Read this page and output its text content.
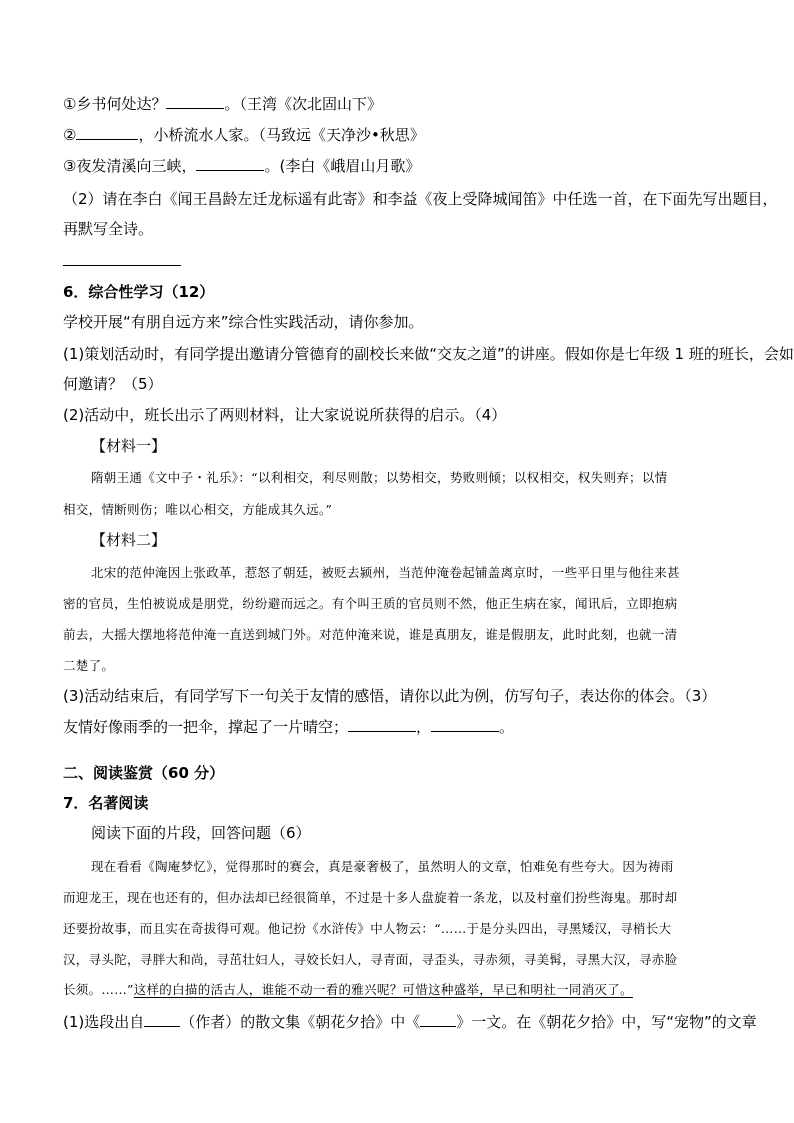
①乡书何处达？	。（王湾《次北固山下》
②	，小桥流水人家。（马致远《天净沙•秋思》
③夜发清溪向三峡，	。(李白《峨眉山月歌》
（2）请在李白《闻王昌龄左迁龙标遥有此寄》和李益《夜上受降城闻笛》中任选一首，在下面先写出题目，
再默写全诗。
6．综合性学习（12）
学校开展“有朋自远方来”综合性实践活动，请你参加。
(1)策划活动时，有同学提出邀请分管德育的副校长来做“交友之道”的讲座。假如你是七年级 1 班的班长，会如
何邀请？（5）
(2)活动中，班长出示了两则材料，让大家说说所获得的启示。（4）
【材料一】
隋朝王通《文中子・礼乐》：“以利相交，利尽则散；以势相交，势败则倾；以权相交，权失则弃；以情
相交，情断则伤；唯以心相交，方能成其久远。”
【材料二】
北宋的范仲淹因上张政革，惹怒了朝廷，被贬去颍州，当范仲淹卷起铺盖离京时，一些平日里与他往来甚
密的官员，生怕被说成是朋党，纷纷避而远之。有个叫王质的官员则不然，他正生病在家，闻讯后，立即抱病
前去，大摇大摆地将范仲淹一直送到城门外。对范仲淹来说，谁是真朋友，谁是假朋友，此时此刻，也就一清
二楚了。
(3)活动结束后，有同学写下一句关于友情的感悟，请你以此为例，仿写句子，表达你的体会。（3）
友情好像雨季的一把伞，撑起了一片晴空；	，	。
二、阅读鉴赏（60 分）
7．名著阅读
阅读下面的片段，回答问题（6）
现在看看《陶庵梦忆》，觉得那时的赛会，真是豪奢极了，虽然明人的文章，怕难免有些夸大。因为祷雨
而迎龙王，现在也还有的，但办法却已经很简单，不过是十多人盘旋着一条龙，以及村童们扮些海鬼。那时却
还要扮故事，而且实在奇拔得可观。他记扮《水浒传》中人物云：“……于是分头四出，寻黑矮汉，寻梢长大
汉，寻头陀，寻胖大和尚，寻茁壮妇人，寻姣长妇人，寻青面，寻歪头，寻赤须，寻美髯，寻黑大汉，寻赤脸
长须。……”这样的白描的活古人，谁能不动一看的雅兴呢？可惜这种盛举，早已和明社一同消灭了。
(1)选段出自 （作者）的散文集《朝花夕拾》中《 》一文。在《朝花夕拾》中，写“宠物”的文章
